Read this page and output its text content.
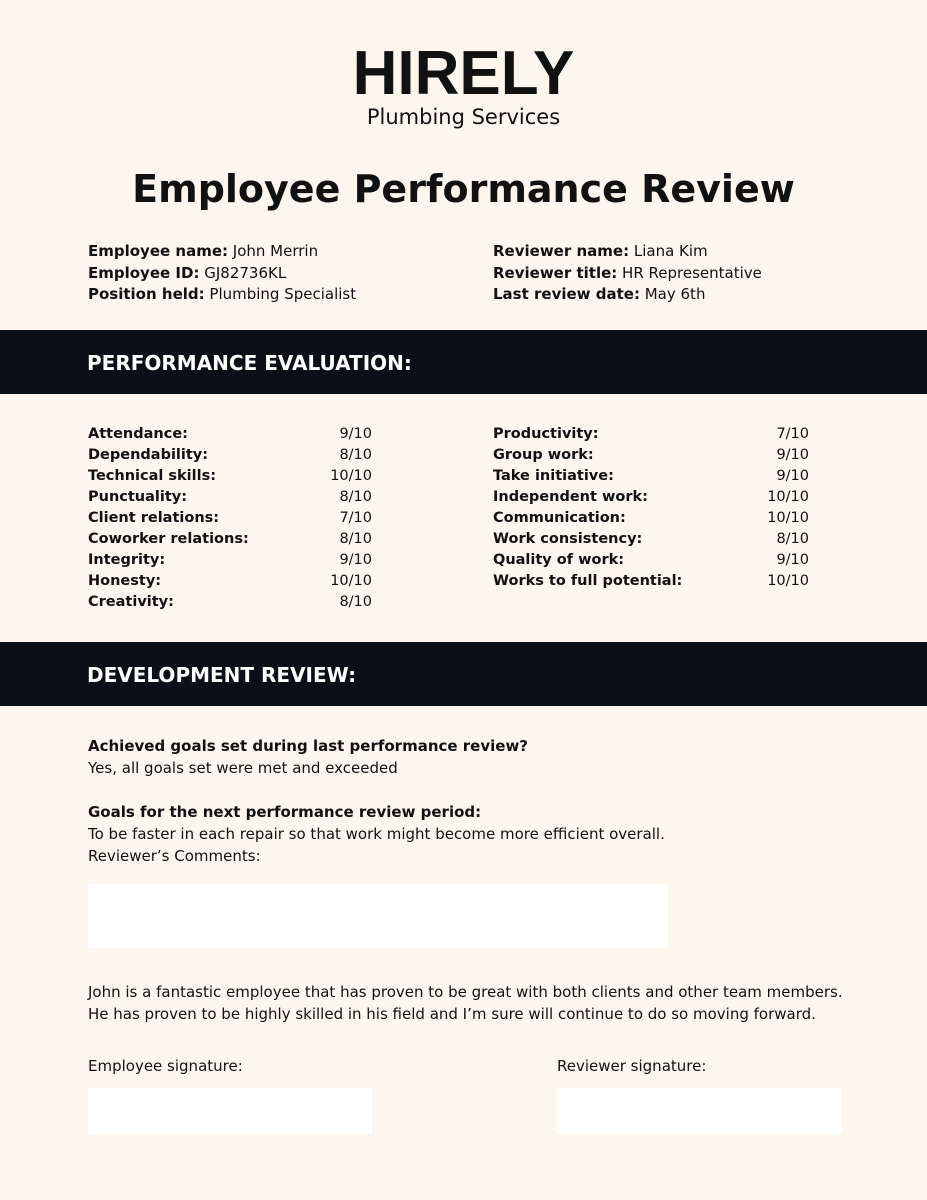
HIRELY
Plumbing Services
Employee Performance Review
Employee name: John Merrin
Employee ID: GJ82736KL
Position held: Plumbing Specialist
Reviewer name: Liana Kim
Reviewer title: HR Representative
Last review date: May 6th
PERFORMANCE EVALUATION:
Attendance:	9/10
Dependability:	8/10
Technical skills:	10/10
Punctuality:	8/10
Client relations:	7/10
Coworker relations:	8/10
Integrity:	9/10
Honesty:	10/10
Creativity:	8/10
Productivity:	7/10
Group work:	9/10
Take initiative:	9/10
Independent work:	10/10
Communication:	10/10
Work consistency:	8/10
Quality of work:	9/10
Works to full potential:	10/10
DEVELOPMENT REVIEW:
Achieved goals set during last performance review?
Yes, all goals set were met and exceeded
Goals for the next performance review period:
To be faster in each repair so that work might become more efficient overall.
Reviewer’s Comments:
John is a fantastic employee that has proven to be great with both clients and other team members.
He has proven to be highly skilled in his field and I’m sure will continue to do so moving forward.
Employee signature:	Reviewer signature:
